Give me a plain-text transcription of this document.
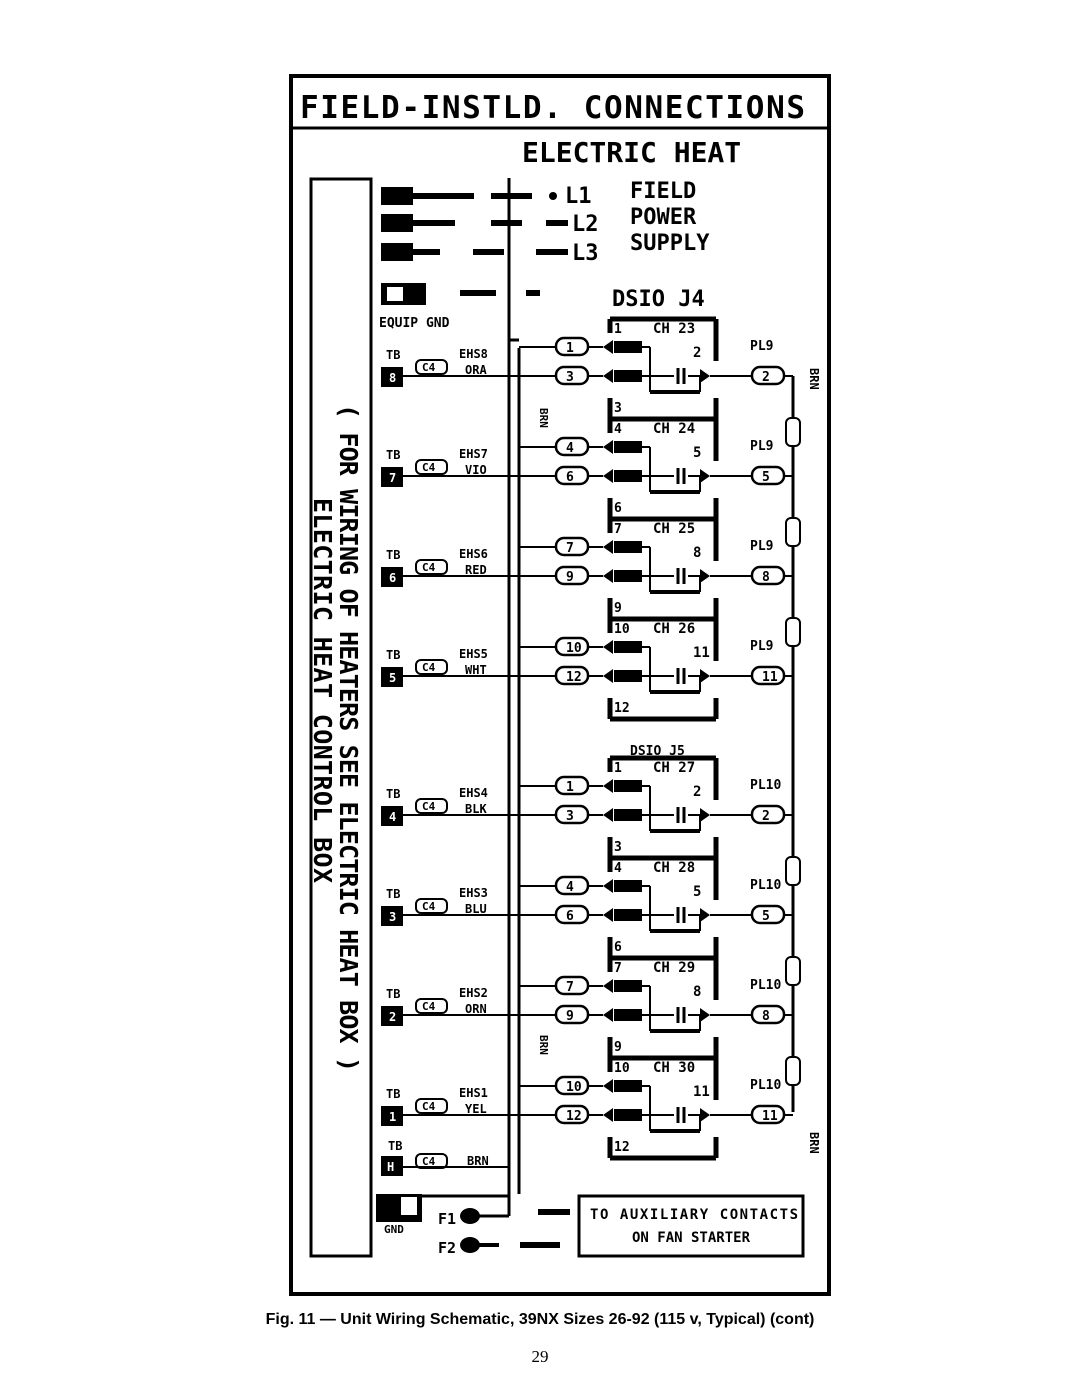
FIELD-INSTLD. CONNECTIONS
ELECTRIC HEAT
( FOR WIRING OF HEATERS SEE ELECTRIC HEAT BOX )
ELECTRIC HEAT CONTROL BOX
L1
L2
L3
FIELD
POWER
SUPPLY
EQUIP GND
DSIO J4
TB
8
C4
EHS8
ORA
1
3
1 CH 23
2
3
PL9
2
TB
7
C4
EHS7
VIO
4
6
4 CH 24
5
6
PL9
5
TB
6
C4
EHS6
RED
7
9
7 CH 25
8
9
PL9
8
TB
5
C4
EHS5
WHT
10
12
10 CH 26
11
12
PL9
11
TB
4
C4
EHS4
BLK
1
3
1 CH 27
2
3
PL10
2
TB
3
C4
EHS3
BLU
4
6
4 CH 28
5
6
PL10
5
TB
2
C4
EHS2
ORN
7
9
7 CH 29
8
9
PL10
8
TB
1
C4
EHS1
YEL
10
12
10 CH 30
11
12
PL10
11
DSIO J5
TB
H	C4	BRN
BRN
BRN
GND
F1
F2
TO AUXILIARY CONTACTS
ON FAN STARTER
BRN
BRN
Fig. 11 — Unit Wiring Schematic, 39NX Sizes 26-92 (115 v, Typical) (cont)
29
